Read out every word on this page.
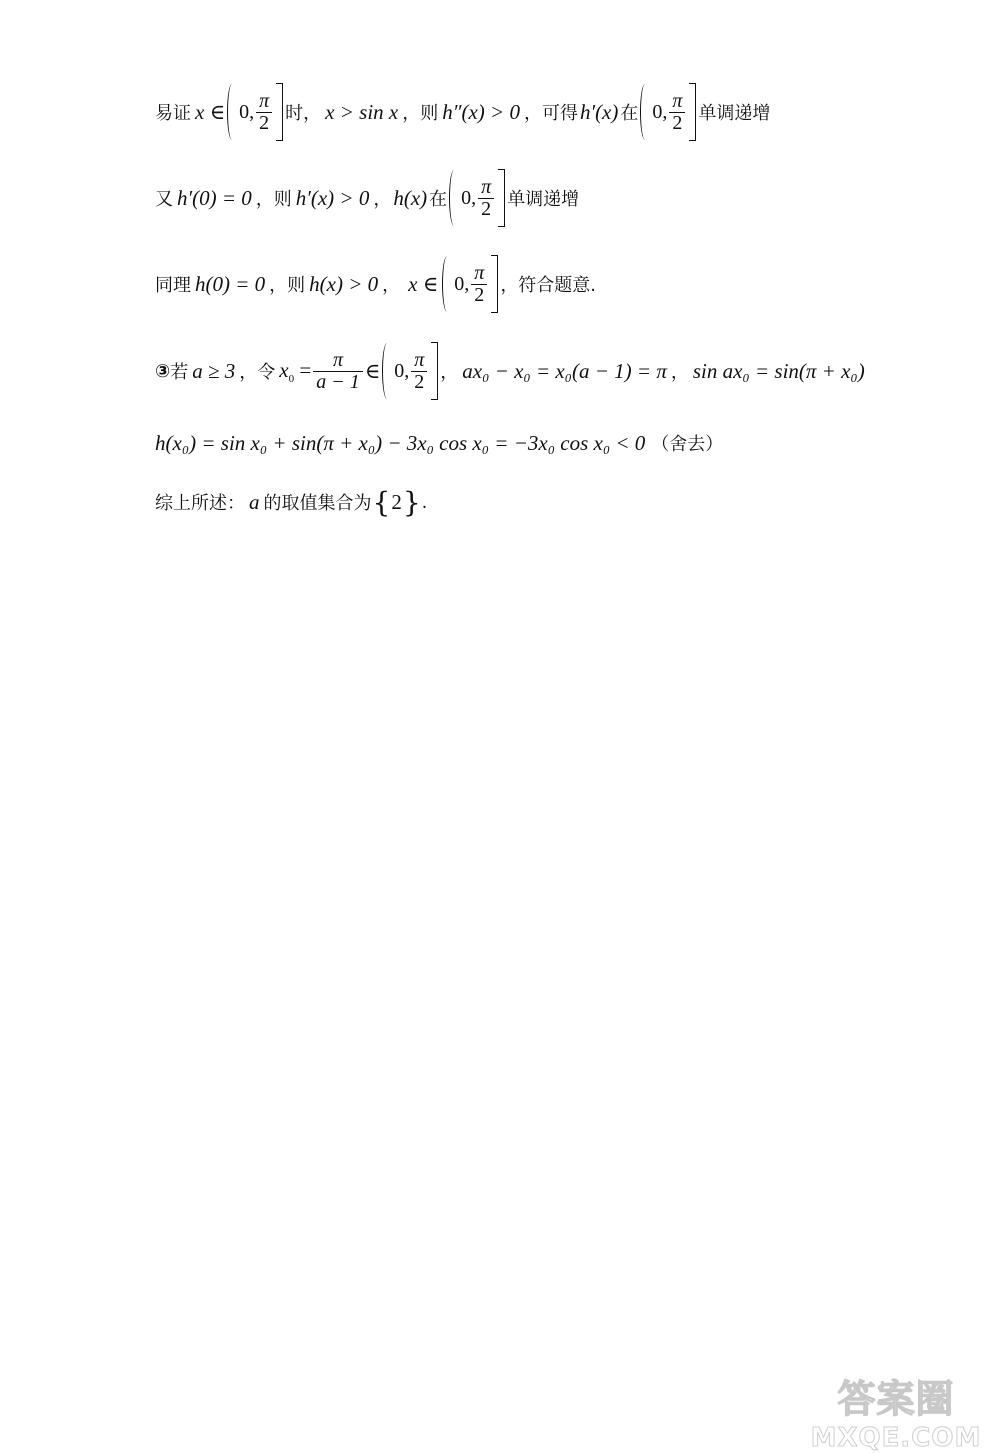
易证 x ∈ 0, $\frac{\pi}{2}$ 时， x > sin x ，则 h″(x) > 0 ，可得 h′(x) 在 0, $\frac{\pi}{2}$ 单调递增
又 h′(0) = 0 ，则 h′(x) > 0 ， h(x) 在 0, $\frac{\pi}{2}$ 单调递增
同理 h(0) = 0 ，则 h(x) > 0 ， x ∈ 0, $\frac{\pi}{2}$ ，符合题意.
③ 若 a ≥ 3 ，令 $x_0 = \frac{\pi}{a - 1}$ ∈ 0, $\frac{\pi}{2}$ ， ax₀ − x₀ = x₀(a − 1) = π ， sin ax₀ = sin(π + x₀)
h(x₀) = sin x₀ + sin(π + x₀) − 3x₀ cos x₀ = −3x₀ cos x₀ < 0 （舍去）
综上所述： a 的取值集合为 { 2 } .
答案圈
MXQE.COM
